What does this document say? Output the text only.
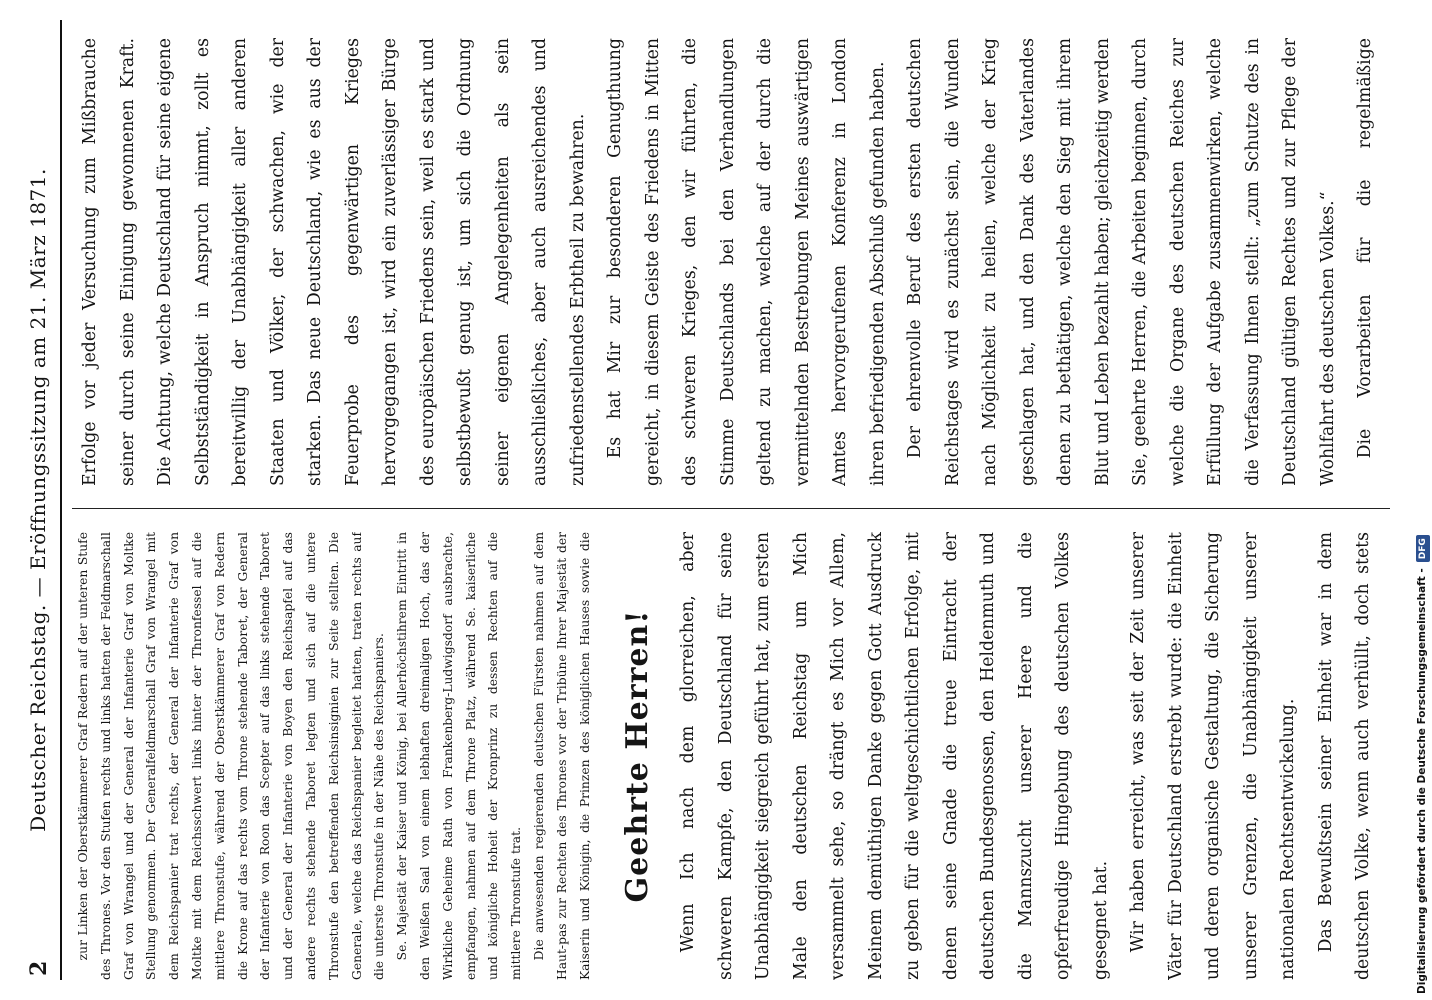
2
Deutscher Reichstag. — Eröffnungssitzung am 21. März 1871.	zur Linken der Oberstkämmerer Graf Redern auf der unteren Stufe des Thrones. Vor den Stufen rechts und links hatten der Feldmarschall Graf von Wrangel und der General der Infanterie Graf von Moltke Stellung genommen. Der Generalfeldmarschall Graf von Wrangel mit dem Reichspanier trat rechts, der General der Infanterie Graf von Moltke mit dem Reichsschwert links hinter der Thronfessel auf die mittlere Thronstufe, während der Oberstkämmerer Graf von Redern die Krone auf das rechts vom Throne stehende Taboret, der General der Infanterie von Roon das Scepter auf das links stehende Taboret und der General der Infanterie von Boyen den Reichsapfel auf das andere rechts stehende Taboret legten und sich auf die untere Thronstufe den betreffenden Reichsinsignien zur Seite stellten. Die Generale, welche das Reichspanier begleitet hatten, traten rechts auf die unterste Thronstufe in der Nähe des Reichspaniers. Se. Majestät der Kaiser und König, bei Allerhöchstihrem Eintritt in den Weißen Saal von einem lebhaften dreimaligen Hoch, das der Wirkliche Geheime Rath von Frankenberg-Ludwigsdorf ausbrachte, empfangen, nahmen auf dem Throne Platz, während Se. kaiserliche und königliche Hoheit der Kronprinz zu dessen Rechten auf die mittlere Thronstufe trat. Die anwesenden regierenden deutschen Fürsten nahmen auf dem Haut-pas zur Rechten des Thrones vor der Tribüne Ihrer Majestät der Kaiserin und Königin, die Prinzen des königlichen Hauses sowie die

Geehrte Herren!	Wenn Ich nach dem glorreichen, aber schweren Kampfe, den Deutschland für seine Unabhängigkeit siegreich geführt hat, zum ersten Male den deutschen Reichstag um Mich versammelt sehe, so drängt es Mich vor Allem, Meinem demüthigen Danke gegen Gott Ausdruck zu geben für die weltgeschichtlichen Erfolge, mit denen seine Gnade die treue Eintracht der deutschen Bundesgenossen, den Heldenmuth und die Mannszucht unserer Heere und die opferfreudige Hingebung des deutschen Volkes gesegnet hat.	Wir haben erreicht, was seit der Zeit unserer Väter für Deutschland erstrebt wurde: die Einheit und deren organische Gestaltung, die Sicherung unserer Grenzen, die Unabhängigkeit unserer nationalen Rechtsentwickelung.	Das Bewußtsein seiner Einheit war in dem deutschen Volke, wenn auch verhüllt, doch stets

Erfolge vor jeder Versuchung zum Mißbrauche seiner durch seine Einigung gewonnenen Kraft. Die Achtung, welche Deutschland für seine eigene Selbstständigkeit in Anspruch nimmt, zollt es bereitwillig der Unabhängigkeit aller anderen Staaten und Völker, der schwachen, wie der starken. Das neue Deutschland, wie es aus der Feuerprobe des gegenwärtigen Krieges hervorgegangen ist, wird ein zuverlässiger Bürge des europäischen Friedens sein, weil es stark und selbstbewußt genug ist, um sich die Ordnung seiner eigenen Angelegenheiten als sein ausschließliches, aber auch ausreichendes und zufriedenstellendes Erbtheil zu bewahren.	Es hat Mir zur besonderen Genugthuung gereicht, in diesem Geiste des Friedens in Mitten des schweren Krieges, den wir führten, die Stimme Deutschlands bei den Verhandlungen geltend zu machen, welche auf der durch die vermittelnden Bestrebungen Meines auswärtigen Amtes hervorgerufenen Konferenz in London ihren befriedigenden Abschluß gefunden haben.	Der ehrenvolle Beruf des ersten deutschen Reichstages wird es zunächst sein, die Wunden nach Möglichkeit zu heilen, welche der Krieg geschlagen hat, und den Dank des Vaterlandes denen zu bethätigen, welche den Sieg mit ihrem Blut und Leben bezahlt haben; gleichzeitig werden Sie, geehrte Herren, die Arbeiten beginnen, durch welche die Organe des deutschen Reiches zur Erfüllung der Aufgabe zusammenwirken, welche die Verfassung Ihnen stellt: „zum Schutze des in Deutschland gültigen Rechtes und zur Pflege der Wohlfahrt des deutschen Volkes.“	Die Vorarbeiten für die regelmäßige

Digitalisierung gefördert durch die Deutsche Forschungsgemeinschaft -DFG
